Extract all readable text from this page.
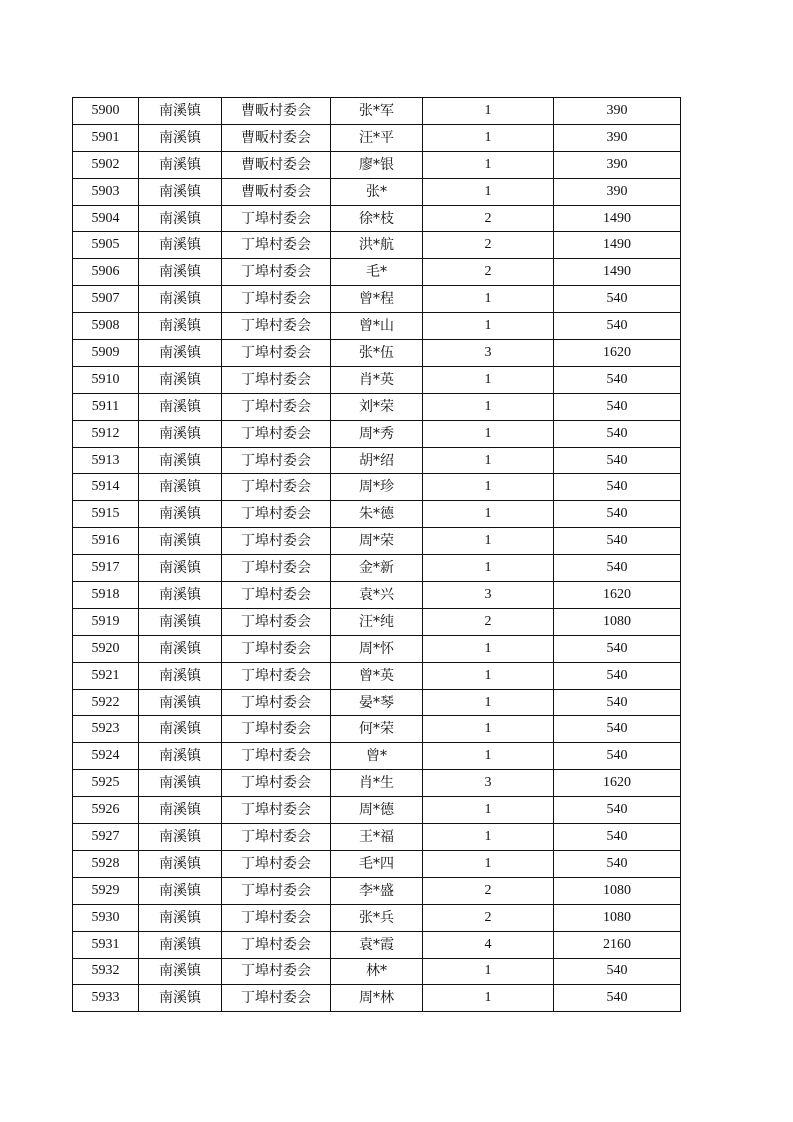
5900	南溪镇	曹畈村委会	张*军	1	390
5901	南溪镇	曹畈村委会	汪*平	1	390
5902	南溪镇	曹畈村委会	廖*银	1	390
5903	南溪镇	曹畈村委会	张*	1	390
5904	南溪镇	丁埠村委会	徐*枝	2	1490
5905	南溪镇	丁埠村委会	洪*航	2	1490
5906	南溪镇	丁埠村委会	毛*	2	1490
5907	南溪镇	丁埠村委会	曾*程	1	540
5908	南溪镇	丁埠村委会	曾*山	1	540
5909	南溪镇	丁埠村委会	张*伍	3	1620
5910	南溪镇	丁埠村委会	肖*英	1	540
5911	南溪镇	丁埠村委会	刘*荣	1	540
5912	南溪镇	丁埠村委会	周*秀	1	540
5913	南溪镇	丁埠村委会	胡*绍	1	540
5914	南溪镇	丁埠村委会	周*珍	1	540
5915	南溪镇	丁埠村委会	朱*德	1	540
5916	南溪镇	丁埠村委会	周*荣	1	540
5917	南溪镇	丁埠村委会	金*新	1	540
5918	南溪镇	丁埠村委会	袁*兴	3	1620
5919	南溪镇	丁埠村委会	汪*纯	2	1080
5920	南溪镇	丁埠村委会	周*怀	1	540
5921	南溪镇	丁埠村委会	曾*英	1	540
5922	南溪镇	丁埠村委会	晏*琴	1	540
5923	南溪镇	丁埠村委会	何*荣	1	540
5924	南溪镇	丁埠村委会	曾*	1	540
5925	南溪镇	丁埠村委会	肖*生	3	1620
5926	南溪镇	丁埠村委会	周*德	1	540
5927	南溪镇	丁埠村委会	王*福	1	540
5928	南溪镇	丁埠村委会	毛*四	1	540
5929	南溪镇	丁埠村委会	李*盛	2	1080
5930	南溪镇	丁埠村委会	张*兵	2	1080
5931	南溪镇	丁埠村委会	袁*霞	4	2160
5932	南溪镇	丁埠村委会	林*	1	540
5933	南溪镇	丁埠村委会	周*林	1	540
